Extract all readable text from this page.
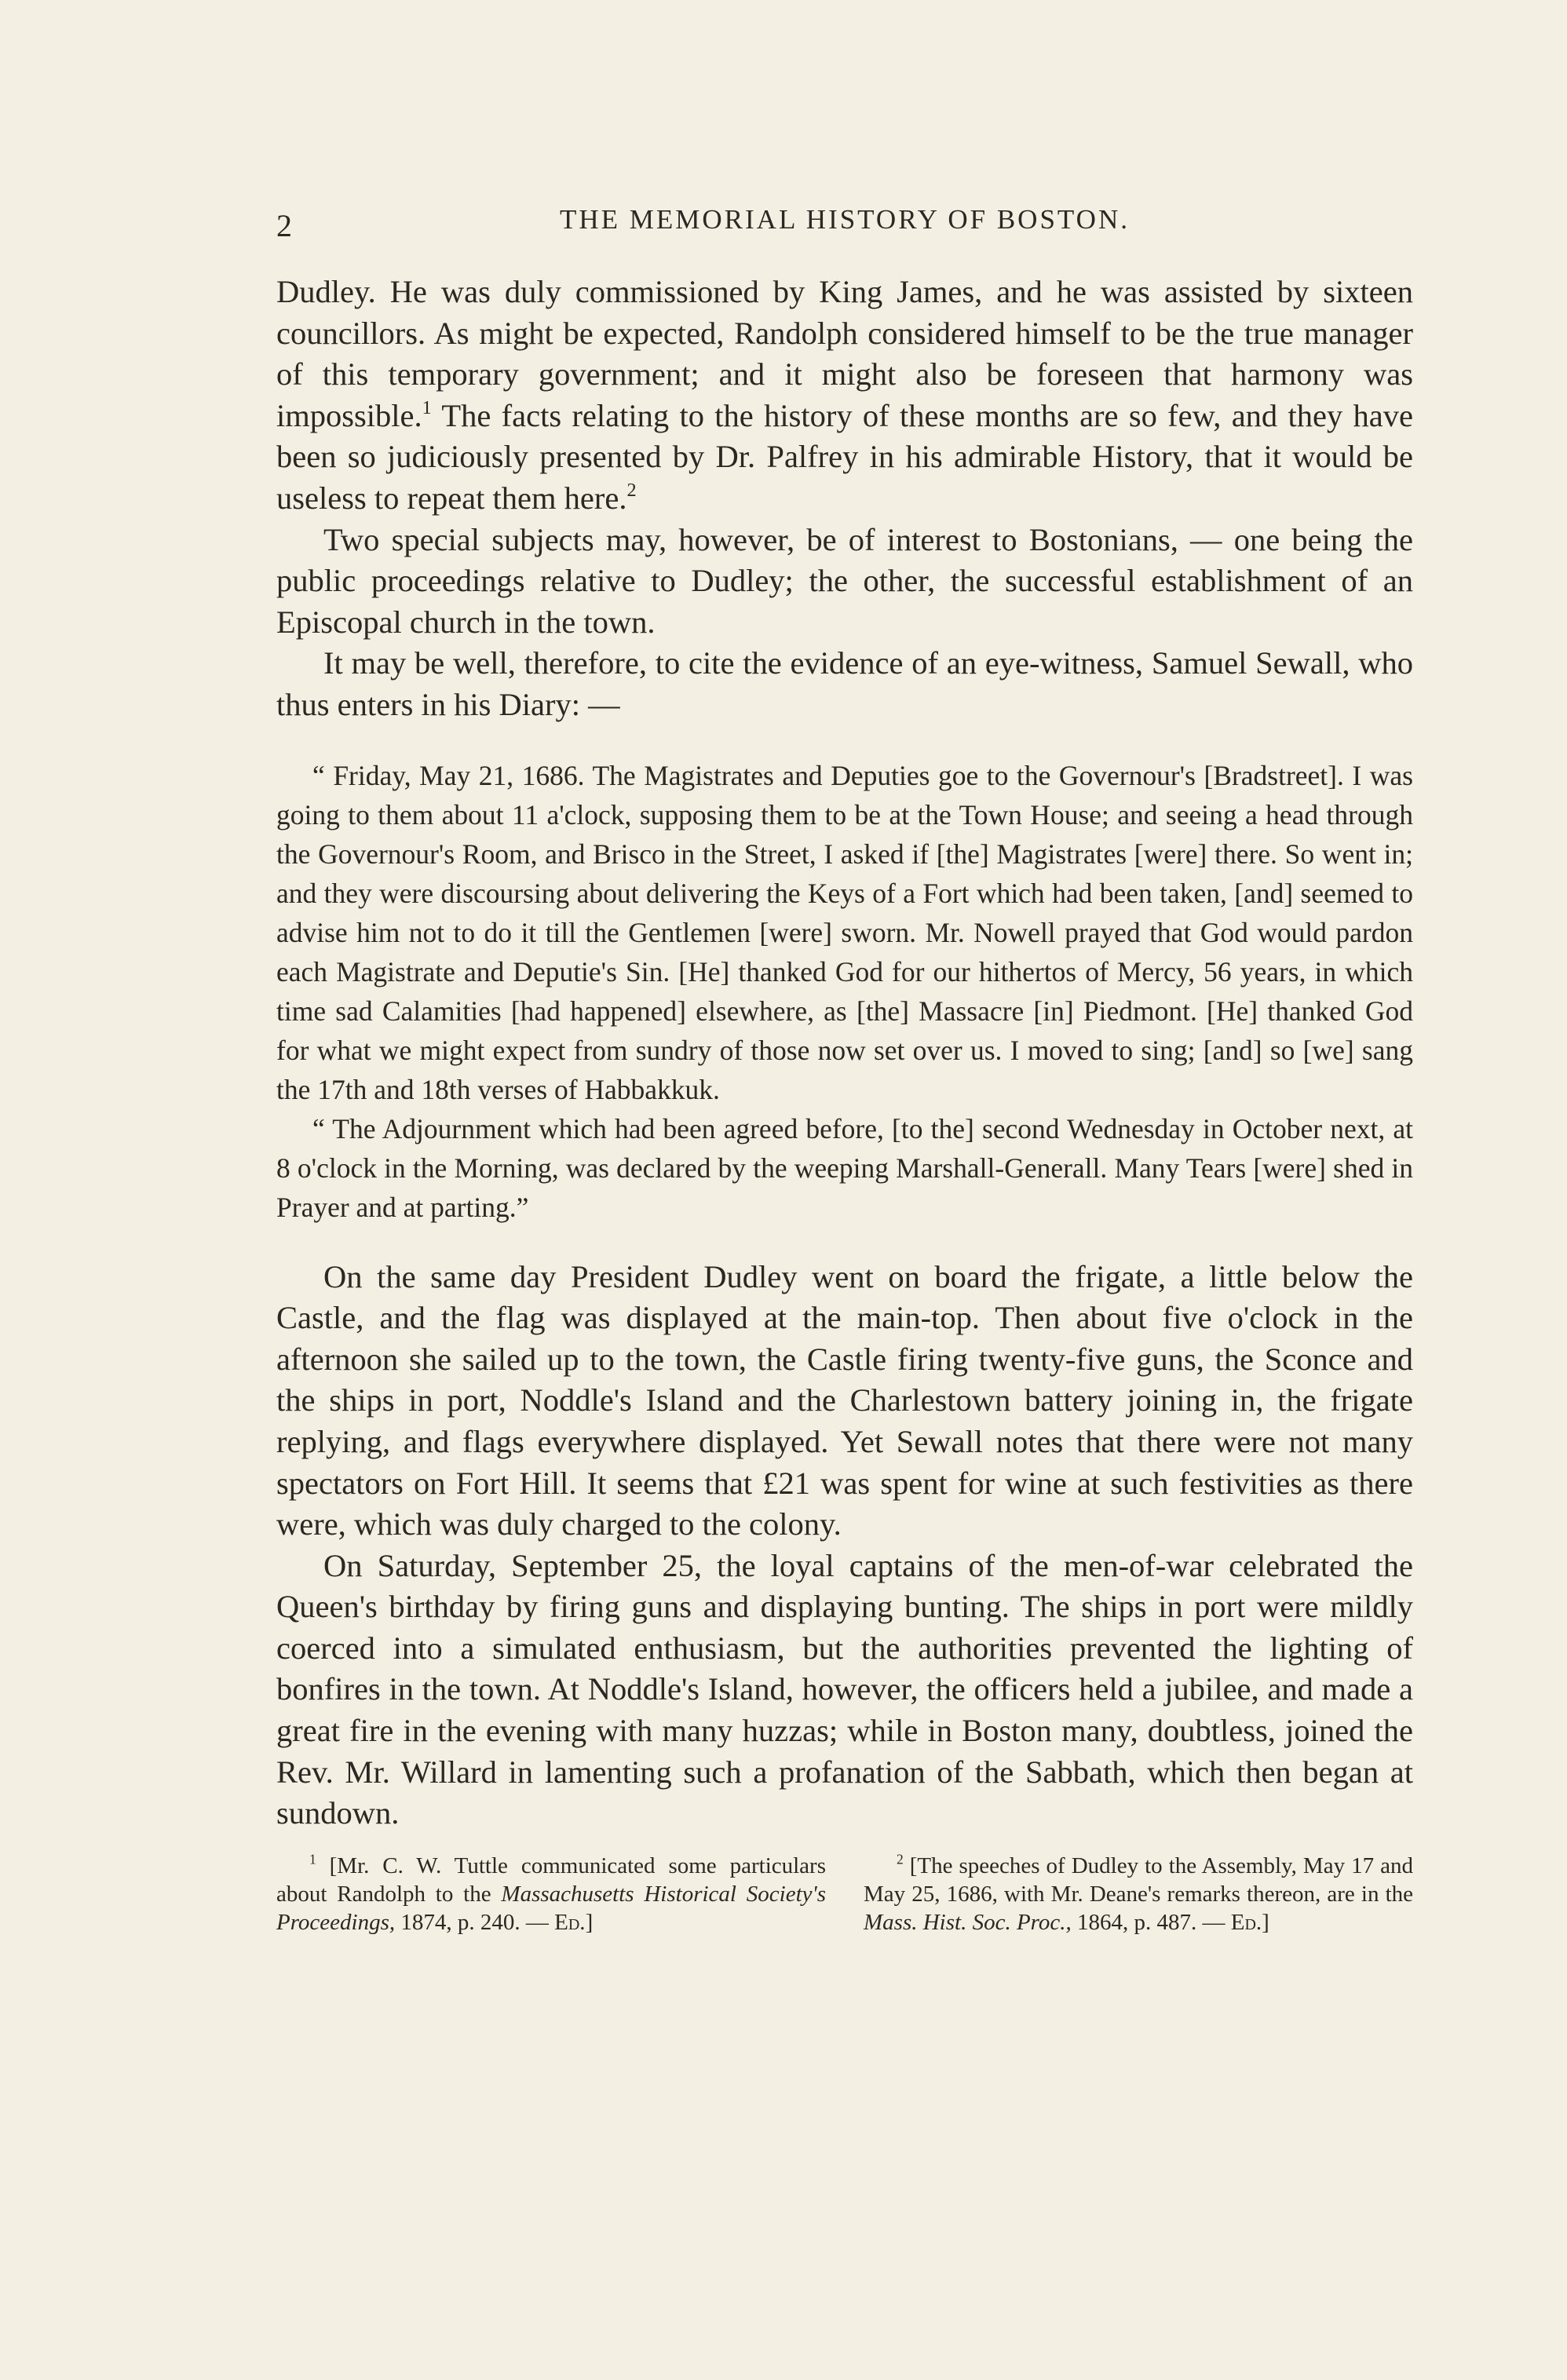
2	THE MEMORIAL HISTORY OF BOSTON.

Dudley. He was duly commissioned by King James, and he was assisted by sixteen councillors. As might be expected, Randolph considered himself to be the true manager of this temporary government; and it might also be foreseen that harmony was impossible.$^1$ The facts relating to the history of these months are so few, and they have been so judiciously presented by Dr. Palfrey in his admirable History, that it would be useless to repeat them here.$^2$

Two special subjects may, however, be of interest to Bostonians, — one being the public proceedings relative to Dudley; the other, the successful establishment of an Episcopal church in the town.

It may be well, therefore, to cite the evidence of an eye-witness, Samuel Sewall, who thus enters in his Diary: —

“ Friday, May 21, 1686. The Magistrates and Deputies goe to the Governour's [Bradstreet]. I was going to them about 11 a'clock, supposing them to be at the Town House; and seeing a head through the Governour's Room, and Brisco in the Street, I asked if [the] Magistrates [were] there. So went in; and they were discoursing about delivering the Keys of a Fort which had been taken, [and] seemed to advise him not to do it till the Gentlemen [were] sworn. Mr. Nowell prayed that God would pardon each Magistrate and Deputie's Sin. [He] thanked God for our hithertos of Mercy, 56 years, in which time sad Calamities [had happened] elsewhere, as [the] Massacre [in] Piedmont. [He] thanked God for what we might expect from sundry of those now set over us. I moved to sing; [and] so [we] sang the 17th and 18th verses of Habbakkuk.

“ The Adjournment which had been agreed before, [to the] second Wednesday in October next, at 8 o'clock in the Morning, was declared by the weeping Marshall-Generall. Many Tears [were] shed in Prayer and at parting.”

On the same day President Dudley went on board the frigate, a little below the Castle, and the flag was displayed at the main-top. Then about five o'clock in the afternoon she sailed up to the town, the Castle firing twenty-five guns, the Sconce and the ships in port, Noddle's Island and the Charlestown battery joining in, the frigate replying, and flags everywhere displayed. Yet Sewall notes that there were not many spectators on Fort Hill. It seems that £21 was spent for wine at such festivities as there were, which was duly charged to the colony.

On Saturday, September 25, the loyal captains of the men-of-war celebrated the Queen's birthday by firing guns and displaying bunting. The ships in port were mildly coerced into a simulated enthusiasm, but the authorities prevented the lighting of bonfires in the town. At Noddle's Island, however, the officers held a jubilee, and made a great fire in the evening with many huzzas; while in Boston many, doubtless, joined the Rev. Mr. Willard in lamenting such a profanation of the Sabbath, which then began at sundown.

$^1$ [Mr. C. W. Tuttle communicated some particulars about Randolph to the Massachusetts Historical Society's Proceedings, 1874, p. 240. — Ed.]

$^2$ [The speeches of Dudley to the Assembly, May 17 and May 25, 1686, with Mr. Deane's remarks thereon, are in the Mass. Hist. Soc. Proc., 1864, p. 487. — Ed.]
